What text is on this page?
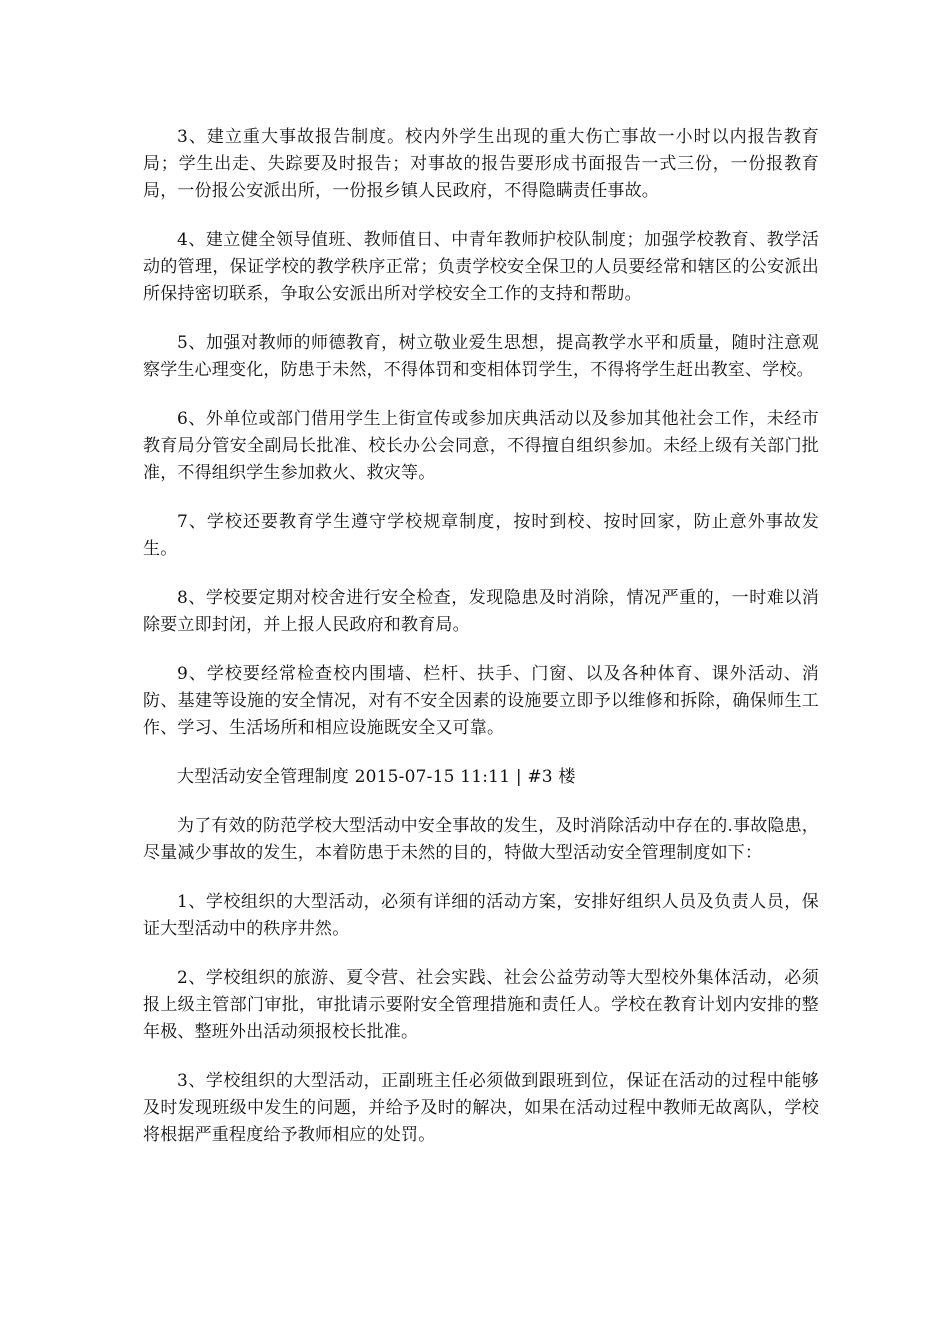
3、建立重大事故报告制度。校内外学生出现的重大伤亡事故一小时以内报告教育局；学生出走、失踪要及时报告；对事故的报告要形成书面报告一式三份，一份报教育局，一份报公安派出所，一份报乡镇人民政府，不得隐瞒责任事故。

4、建立健全领导值班、教师值日、中青年教师护校队制度；加强学校教育、教学活动的管理，保证学校的教学秩序正常；负责学校安全保卫的人员要经常和辖区的公安派出所保持密切联系，争取公安派出所对学校安全工作的支持和帮助。

5、加强对教师的师德教育，树立敬业爱生思想，提高教学水平和质量，随时注意观察学生心理变化，防患于未然，不得体罚和变相体罚学生，不得将学生赶出教室、学校。

6、外单位或部门借用学生上街宣传或参加庆典活动以及参加其他社会工作，未经市教育局分管安全副局长批准、校长办公会同意，不得擅自组织参加。未经上级有关部门批准，不得组织学生参加救火、救灾等。

7、学校还要教育学生遵守学校规章制度，按时到校、按时回家，防止意外事故发生。

8、学校要定期对校舍进行安全检查，发现隐患及时消除，情况严重的，一时难以消除要立即封闭，并上报人民政府和教育局。

9、学校要经常检查校内围墙、栏杆、扶手、门窗、以及各种体育、课外活动、消防、基建等设施的安全情况，对有不安全因素的设施要立即予以维修和拆除，确保师生工作、学习、生活场所和相应设施既安全又可靠。

大型活动安全管理制度 2015-07-15 11:11 | #3 楼

为了有效的防范学校大型活动中安全事故的发生，及时消除活动中存在的.事故隐患，尽量减少事故的发生，本着防患于未然的目的，特做大型活动安全管理制度如下：

1、学校组织的大型活动，必须有详细的活动方案，安排好组织人员及负责人员，保证大型活动中的秩序井然。

2、学校组织的旅游、夏令营、社会实践、社会公益劳动等大型校外集体活动，必须报上级主管部门审批，审批请示要附安全管理措施和责任人。学校在教育计划内安排的整年极、整班外出活动须报校长批准。

3、学校组织的大型活动，正副班主任必须做到跟班到位，保证在活动的过程中能够及时发现班级中发生的问题，并给予及时的解决，如果在活动过程中教师无故离队，学校将根据严重程度给予教师相应的处罚。
